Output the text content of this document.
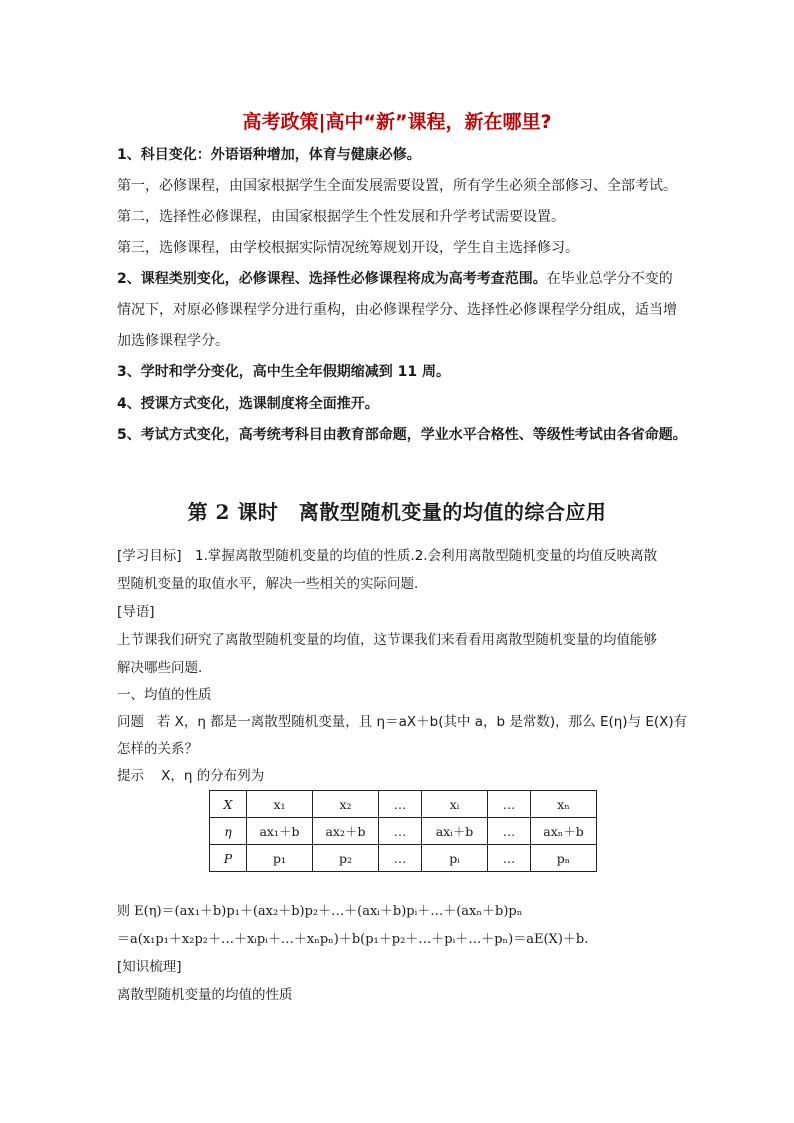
高考政策|高中“新”课程，新在哪里?
1、科目变化：外语语种增加，体育与健康必修。
第一，必修课程，由国家根据学生全面发展需要设置，所有学生必须全部修习、全部考试。
第二，选择性必修课程，由国家根据学生个性发展和升学考试需要设置。
第三，选修课程，由学校根据实际情况统筹规划开设，学生自主选择修习。
2、课程类别变化，必修课程、选择性必修课程将成为高考考查范围。在毕业总学分不变的
情况下，对原必修课程学分进行重构，由必修课程学分、选择性必修课程学分组成，适当增
加选修课程学分。
3、学时和学分变化，高中生全年假期缩减到 11 周。
4、授课方式变化，选课制度将全面推开。
5、考试方式变化，高考统考科目由教育部命题，学业水平合格性、等级性考试由各省命题。
第 2 课时　离散型随机变量的均值的综合应用
[学习目标]　1.掌握离散型随机变量的均值的性质.2.会利用离散型随机变量的均值反映离散
型随机变量的取值水平，解决一些相关的实际问题.
[导语]
上节课我们研究了离散型随机变量的均值，这节课我们来看看用离散型随机变量的均值能够
解决哪些问题.
一、均值的性质
问题 若 X，η 都是一离散型随机变量，且 η＝aX＋b(其中 a，b 是常数)，那么 E(η)与 E(X)有
怎样的关系？
提示 X，η 的分布列为
X	x₁	x₂	…	xᵢ	…	xₙ
η	ax₁＋b	ax₂＋b	…	axᵢ＋b	…	axₙ＋b
P	p₁	p₂	…	pᵢ	…	pₙ
则 E(η)＝(ax₁＋b)p₁＋(ax₂＋b)p₂＋…＋(axᵢ＋b)pᵢ＋…＋(axₙ＋b)pₙ
＝a(x₁p₁＋x₂p₂＋…＋xᵢpᵢ＋…＋xₙpₙ)＋b(p₁＋p₂＋…＋pᵢ＋…＋pₙ)＝aE(X)＋b.
[知识梳理]
离散型随机变量的均值的性质
